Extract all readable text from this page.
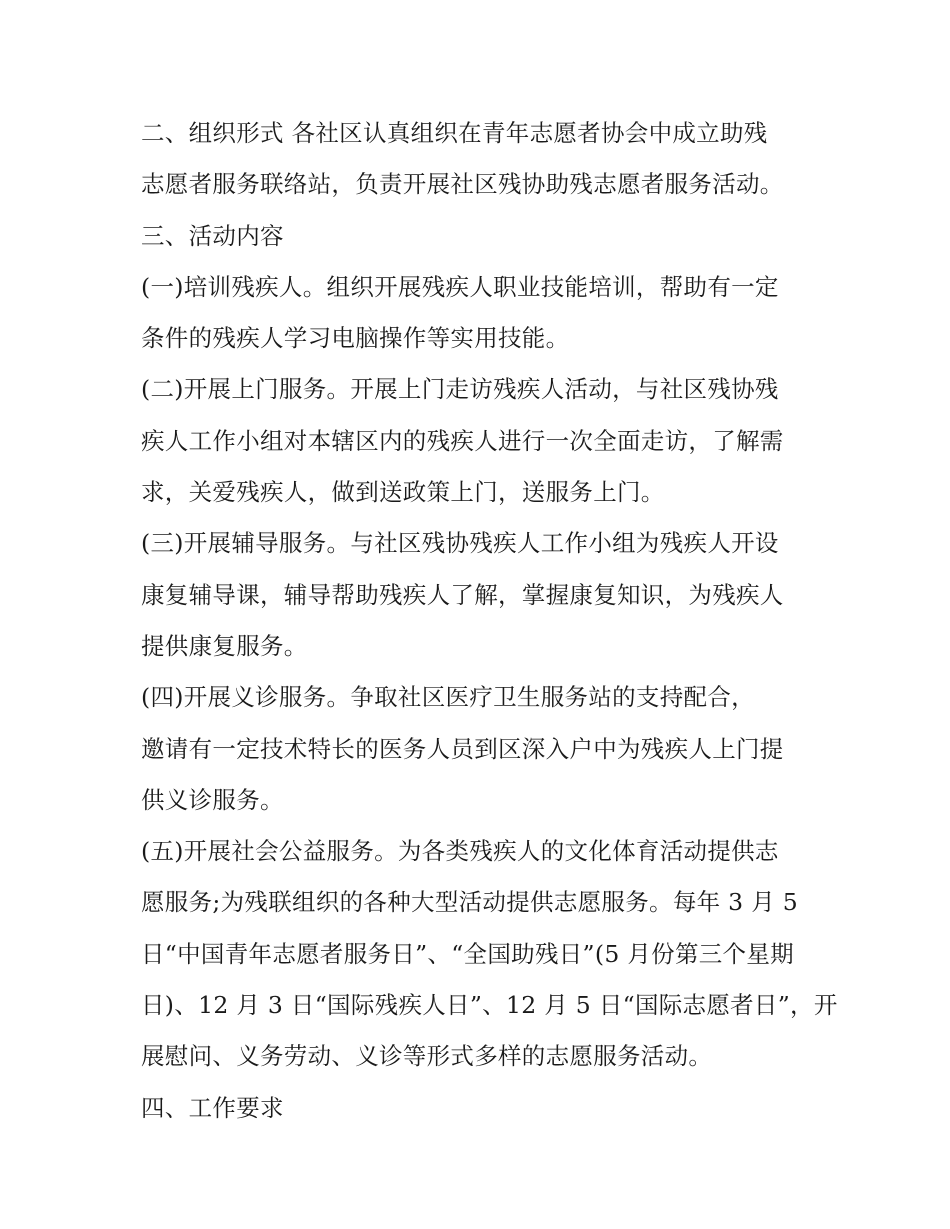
二、组织形式 各社区认真组织在青年志愿者协会中成立助残
志愿者服务联络站，负责开展社区残协助残志愿者服务活动。
三、活动内容
(一)培训残疾人。组织开展残疾人职业技能培训，帮助有一定
条件的残疾人学习电脑操作等实用技能。
(二)开展上门服务。开展上门走访残疾人活动，与社区残协残
疾人工作小组对本辖区内的残疾人进行一次全面走访，了解需
求，关爱残疾人，做到送政策上门，送服务上门。
(三)开展辅导服务。与社区残协残疾人工作小组为残疾人开设
康复辅导课，辅导帮助残疾人了解，掌握康复知识，为残疾人
提供康复服务。
(四)开展义诊服务。争取社区医疗卫生服务站的支持配合，
邀请有一定技术特长的医务人员到区深入户中为残疾人上门提
供义诊服务。
(五)开展社会公益服务。为各类残疾人的文化体育活动提供志
愿服务;为残联组织的各种大型活动提供志愿服务。每年 3 月 5
日“中国青年志愿者服务日”、“全国助残日”(5 月份第三个星期
日)、12 月 3 日“国际残疾人日”、12 月 5 日“国际志愿者日”，开
展慰问、义务劳动、义诊等形式多样的志愿服务活动。
四、工作要求
